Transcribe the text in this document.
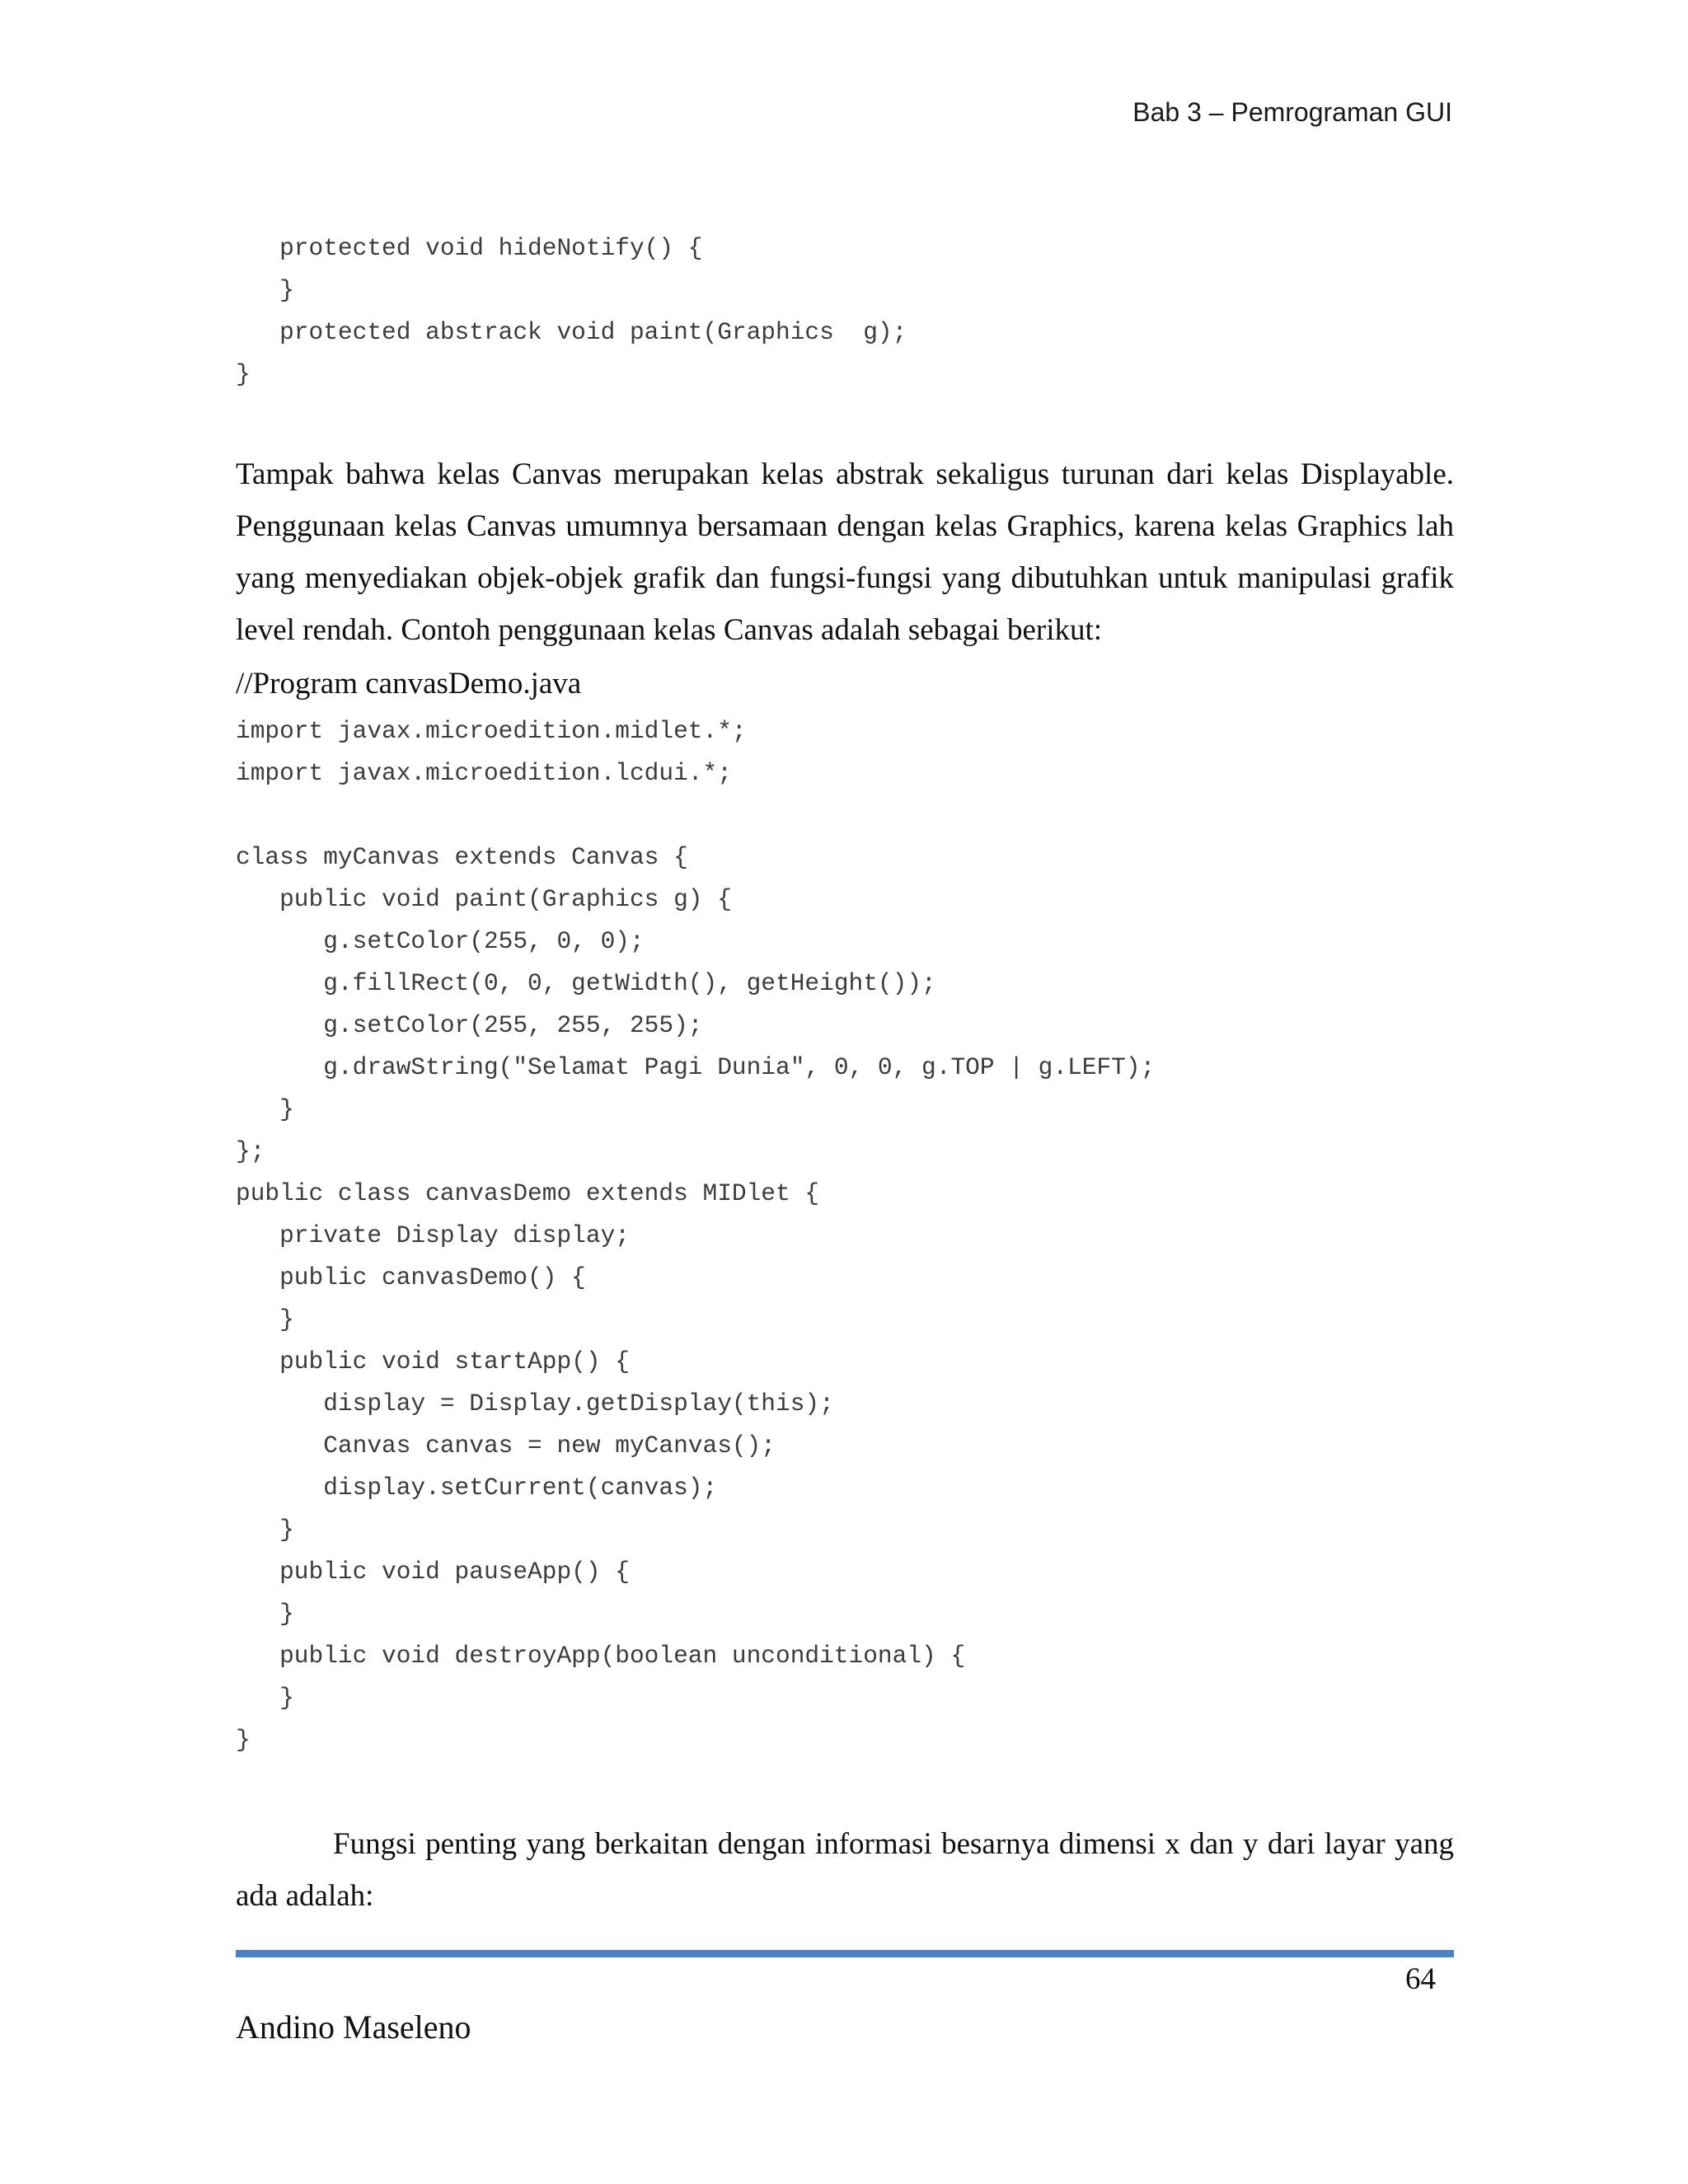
Bab 3 – Pemrograman GUI
protected void hideNotify() {
}
protected abstrack void paint(Graphics  g);
}

Tampak bahwa kelas Canvas merupakan kelas abstrak sekaligus turunan dari kelas Displayable. Penggunaan kelas Canvas umumnya bersamaan dengan kelas Graphics, karena kelas Graphics lah yang menyediakan objek-objek grafik dan fungsi-fungsi yang dibutuhkan untuk manipulasi grafik level rendah. Contoh penggunaan kelas Canvas adalah sebagai berikut:

//Program canvasDemo.java
import javax.microedition.midlet.*;
import javax.microedition.lcdui.*;
class myCanvas extends Canvas {
public void paint(Graphics g) {
g.setColor(255, 0, 0);
g.fillRect(0, 0, getWidth(), getHeight());
g.setColor(255, 255, 255);
g.drawString("Selamat Pagi Dunia", 0, 0, g.TOP | g.LEFT);
}
};
public class canvasDemo extends MIDlet {
private Display display;
public canvasDemo() {
}
public void startApp() {
display = Display.getDisplay(this);
Canvas canvas = new myCanvas();
display.setCurrent(canvas);
}
public void pauseApp() {
}
public void destroyApp(boolean unconditional) {
}
}

Fungsi penting yang berkaitan dengan informasi besarnya dimensi x dan y dari layar yang ada adalah:

64
Andino Maseleno
